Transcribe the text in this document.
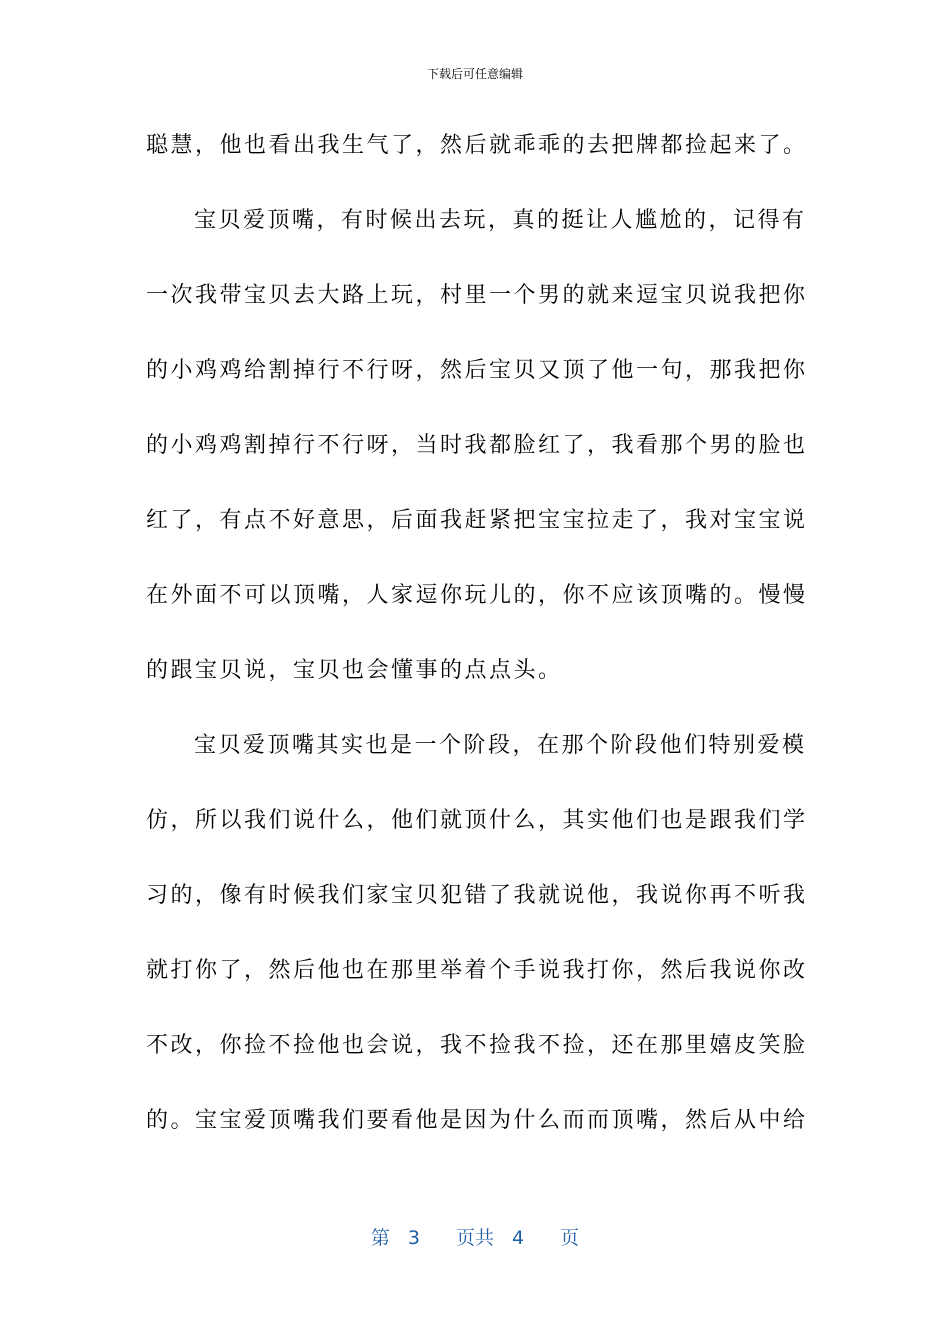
下载后可任意编辑
聪慧，他也看出我生气了，然后就乖乖的去把牌都捡起来了。
宝贝爱顶嘴，有时候出去玩，真的挺让人尴尬的，记得有
一次我带宝贝去大路上玩，村里一个男的就来逗宝贝说我把你
的小鸡鸡给割掉行不行呀，然后宝贝又顶了他一句，那我把你
的小鸡鸡割掉行不行呀，当时我都脸红了，我看那个男的脸也
红了，有点不好意思，后面我赶紧把宝宝拉走了，我对宝宝说
在外面不可以顶嘴，人家逗你玩儿的，你不应该顶嘴的。慢慢
的跟宝贝说，宝贝也会懂事的点点头。
宝贝爱顶嘴其实也是一个阶段，在那个阶段他们特别爱模
仿，所以我们说什么，他们就顶什么，其实他们也是跟我们学
习的，像有时候我们家宝贝犯错了我就说他，我说你再不听我
就打你了，然后他也在那里举着个手说我打你，然后我说你改
不改，你捡不捡他也会说，我不捡我不捡，还在那里嬉皮笑脸
的。宝宝爱顶嘴我们要看他是因为什么而而顶嘴，然后从中给
第 3 页共 4 页
